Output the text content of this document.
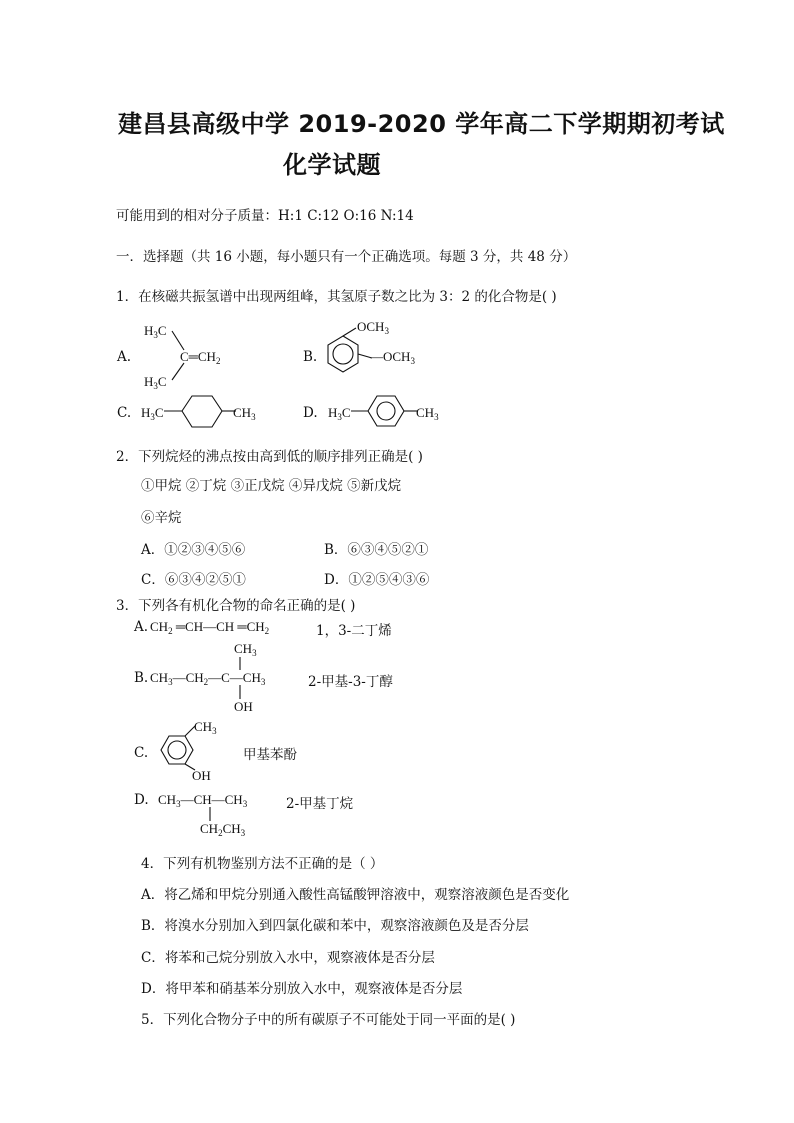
建昌县高级中学 2019-2020 学年高二下学期期初考试
化学试题
可能用到的相对分子质量：H:1 C:12 O:16 N:14
一．选择题（共 16 小题，每小题只有一个正确选项。每题 3 分，共 48 分）
1．在核磁共振氢谱中出现两组峰，其氢原子数之比为 3：2 的化合物是( )
A.
$H_3C$
$C═CH_2$
$H_3C$
B.
$OCH_3$
$—OCH_3$
C. $H_3C$	$CH_3$	D. $H_3C$	$CH_3$
2．下列烷烃的沸点按由高到低的顺序排列正确是( )
①甲烷 ②丁烷 ③正戊烷 ④异戊烷 ⑤新戊烷
⑥辛烷
A．①②③④⑤⑥	B．⑥③④⑤②①
C．⑥③④②⑤①	D．①②⑤④③⑥
3．下列各有机化合物的命名正确的是( )
A. $CH_2$ ═CH—CH $═CH_2$	1，3-二丁烯
B.
$CH_3$
$CH_3—CH_2—C—CH_3$
OH
2-甲基-3-丁醇
C.
$CH_3$
OH
甲基苯酚
D. $CH_3—CH—CH_3$
$CH_2CH_3$
2-甲基丁烷
4．下列有机物鉴别方法不正确的是（ ）
A．将乙烯和甲烷分别通入酸性高锰酸钾溶液中，观察溶液颜色是否变化
B．将溴水分别加入到四氯化碳和苯中，观察溶液颜色及是否分层
C．将苯和己烷分别放入水中，观察液体是否分层
D．将甲苯和硝基苯分别放入水中，观察液体是否分层
5．下列化合物分子中的所有碳原子不可能处于同一平面的是( )
